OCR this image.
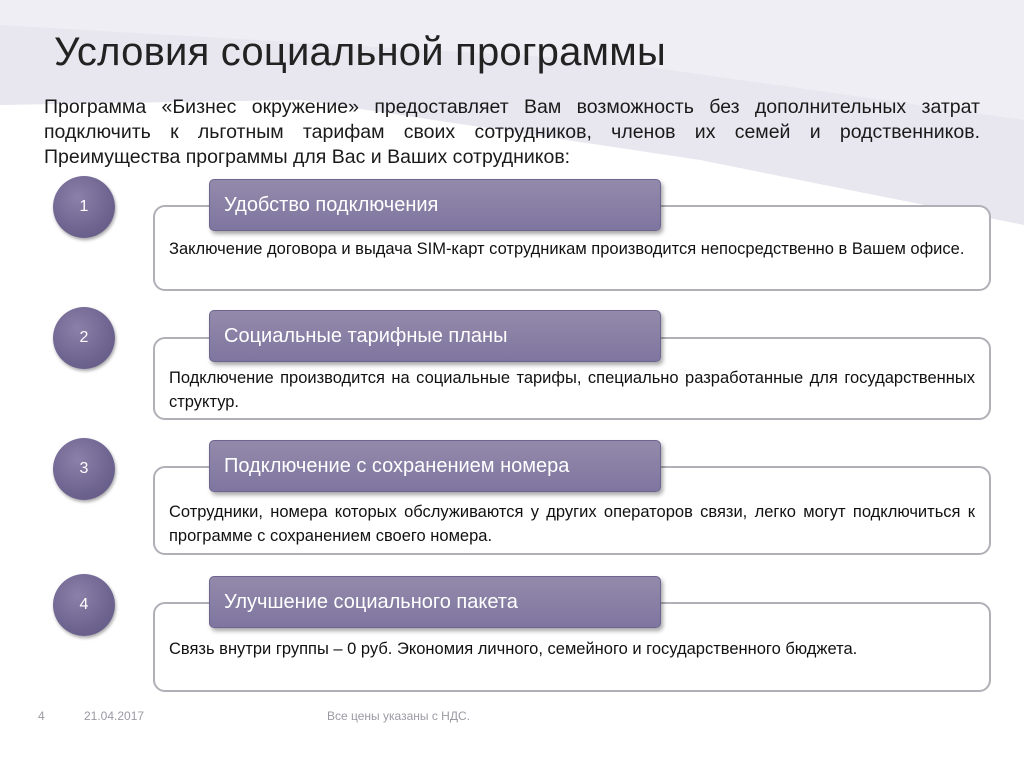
Условия социальной программы
Программа «Бизнес окружение» предоставляет Вам возможность без дополнительных затрат подключить к льготным тарифам своих сотрудников, членов их семей и родственников. Преимущества программы для Вас и Ваших сотрудников:
1
Заключение договора и выдача SIM-карт сотрудникам производится непосредственно в Вашем офисе.
Удобство подключения
2
Подключение производится на социальные тарифы, специально разработанные для государственных структур.
Социальные тарифные планы
3
Сотрудники, номера которых обслуживаются у других операторов связи, легко могут подключиться к программе с сохранением своего номера.
Подключение с сохранением номера
4
Связь внутри группы – 0 руб. Экономия личного, семейного и государственного бюджета.
Улучшение социального пакета
4	21.04.2017	Все цены указаны с НДС.
